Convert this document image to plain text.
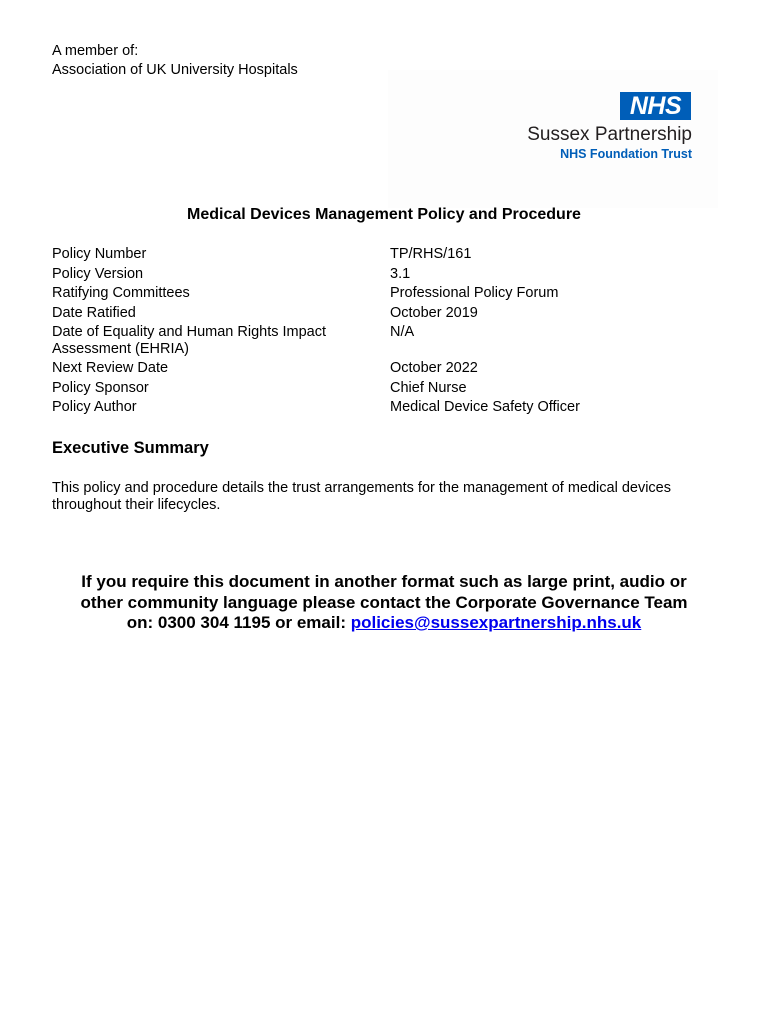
A member of:
Association of UK University Hospitals
NHS
Sussex Partnership
NHS Foundation Trust
Medical Devices Management Policy and Procedure
Policy Number	TP/RHS/161
Policy Version	3.1
Ratifying Committees	Professional Policy Forum
Date Ratified	October 2019
Date of Equality and Human Rights Impact Assessment (EHRIA)	N/A
Next Review Date	October 2022
Policy Sponsor	Chief Nurse
Policy Author	Medical Device Safety Officer
Executive Summary
This policy and procedure details the trust arrangements for the management of medical devices throughout their lifecycles.
If you require this document in another format such as large print, audio or
other community language please contact the Corporate Governance Team
on: 0300 304 1195 or email: policies@sussexpartnership.nhs.uk
